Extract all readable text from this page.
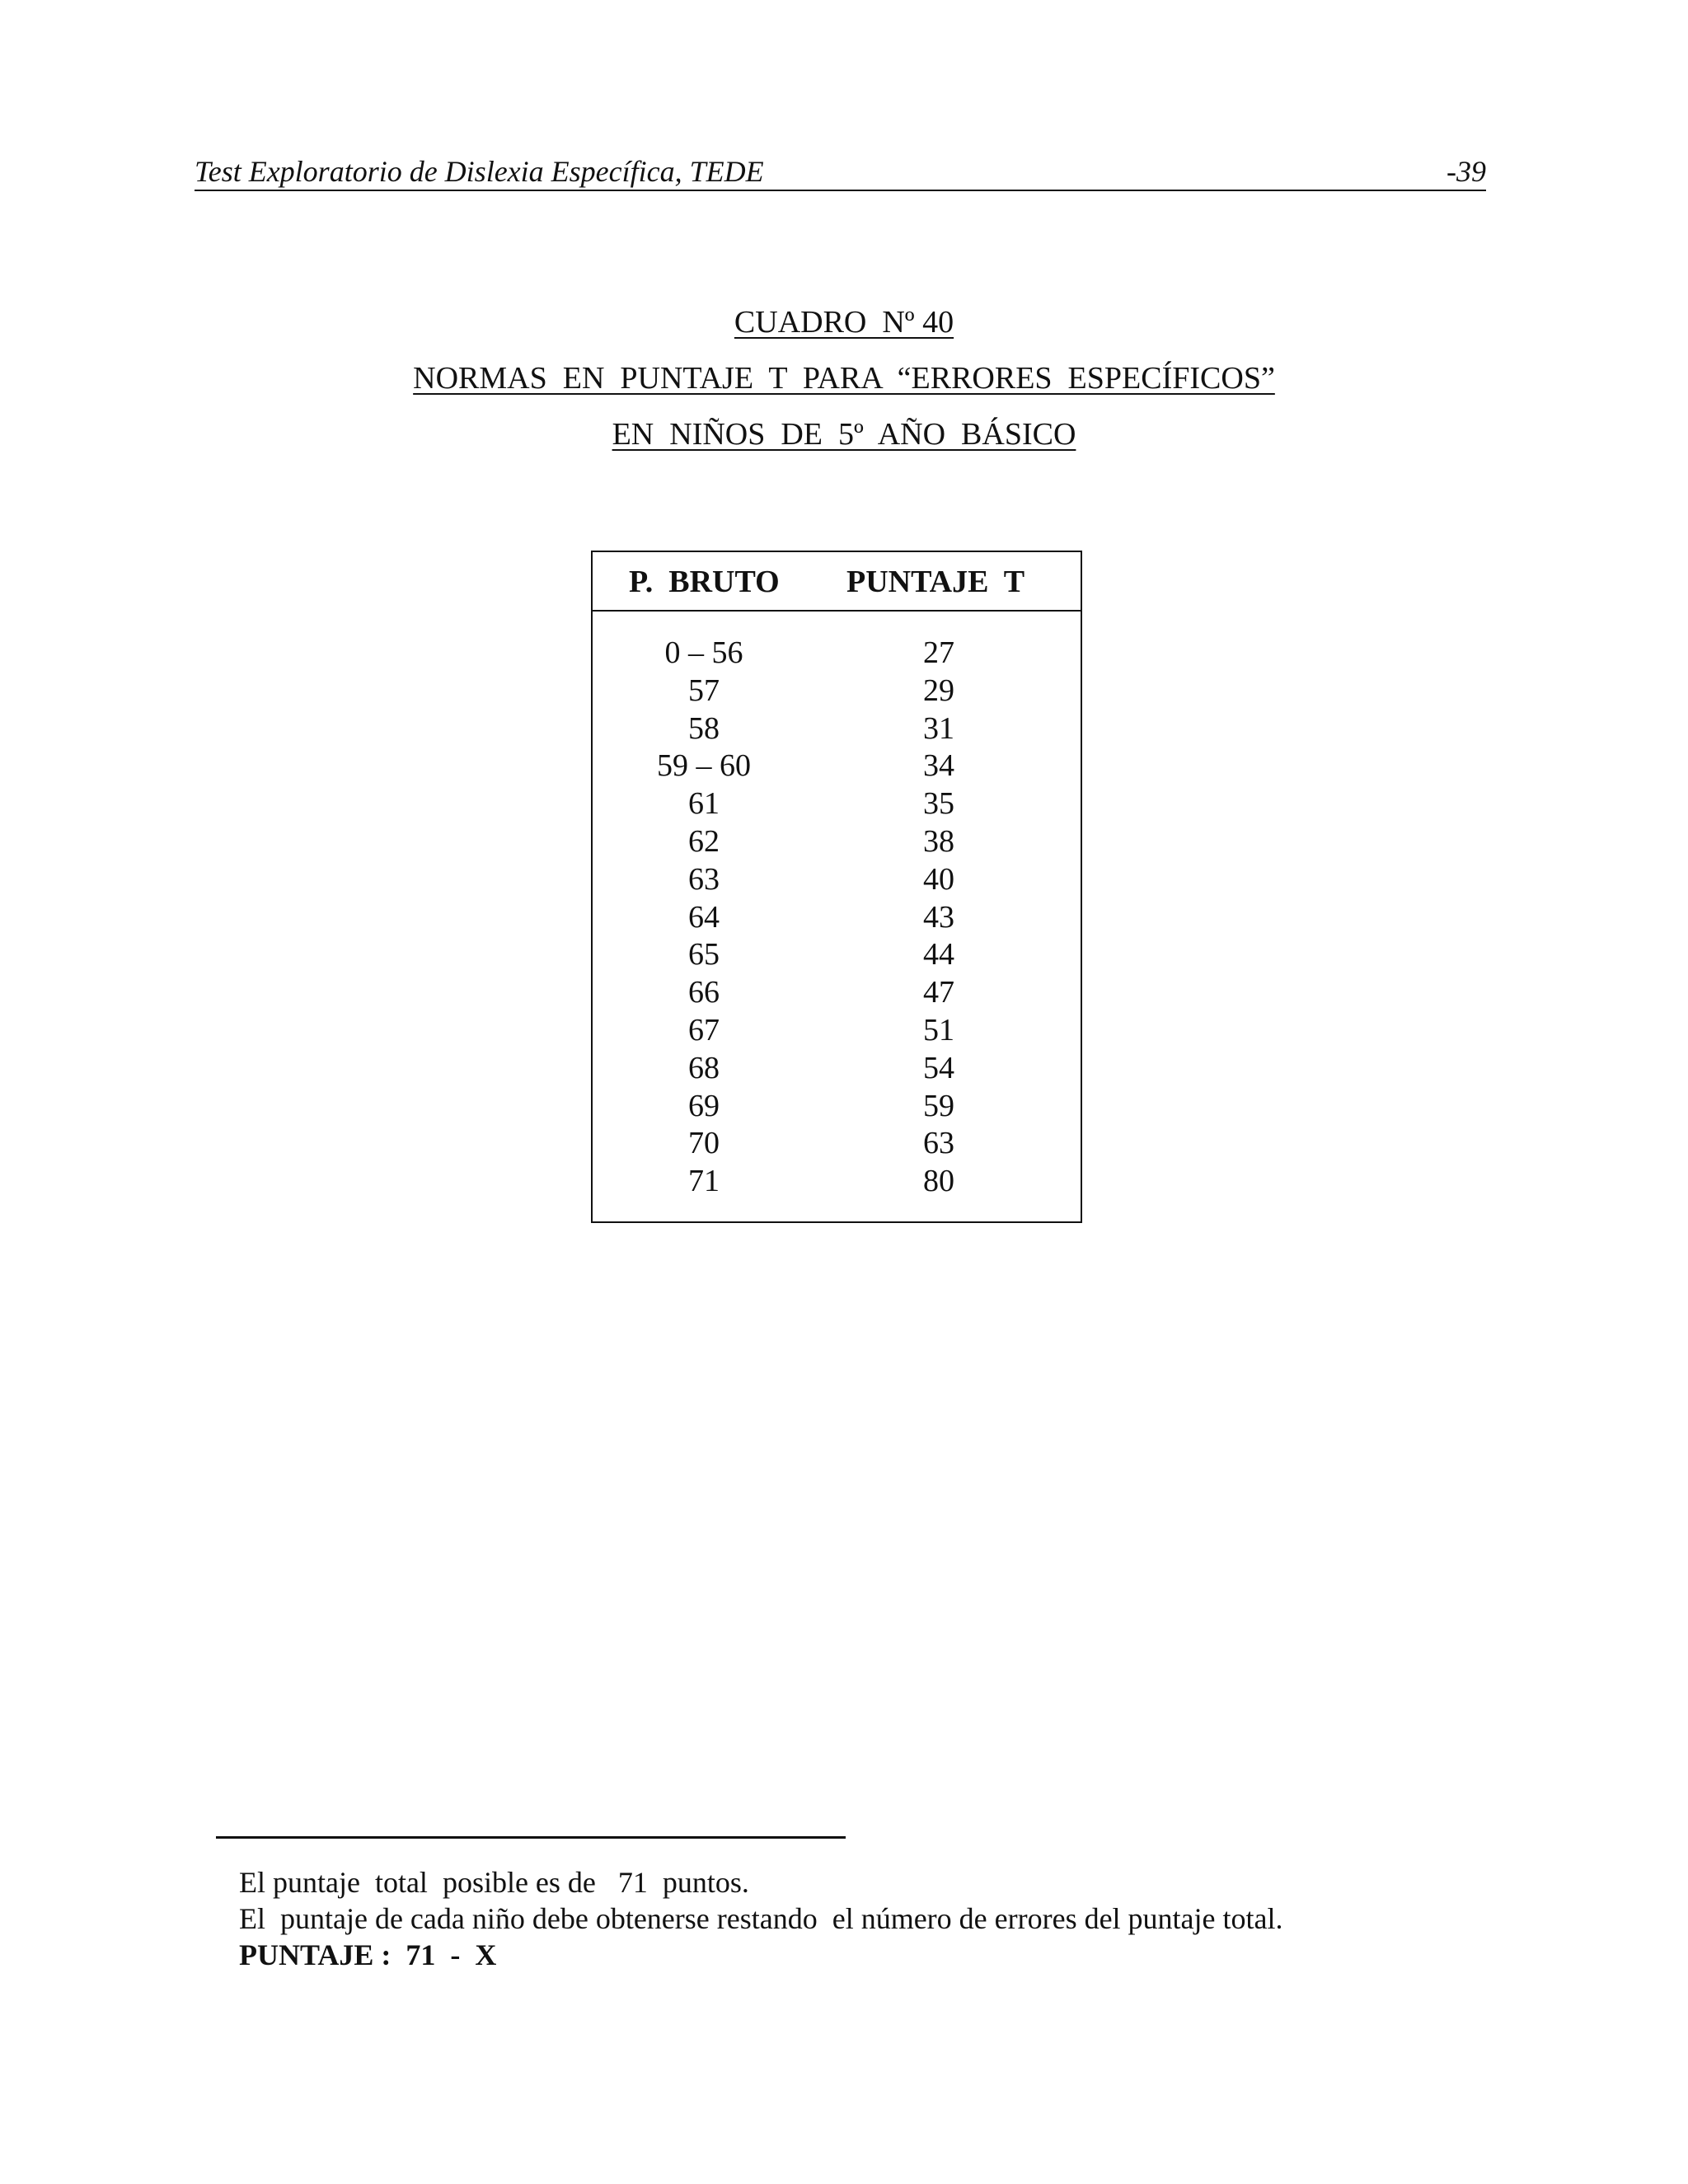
Test Exploratorio de Dislexia Específica, TEDE	-39
CUADRO  Nº 40
NORMAS  EN  PUNTAJE  T  PARA  “ERRORES  ESPECÍFICOS”
EN  NIÑOS  DE  5º  AÑO  BÁSICO
P.  BRUTO PUNTAJE  T
0 – 56	27
57	29
58	31
59 – 60	34
61	35
62	38
63	40
64	43
65	44
66	47
67	51
68	54
69	59
70	63
71	80
El puntaje  total  posible es de   71  puntos.
El  puntaje de cada niño debe obtenerse restando  el número de errores del puntaje total.
PUNTAJE :  71  -  X
